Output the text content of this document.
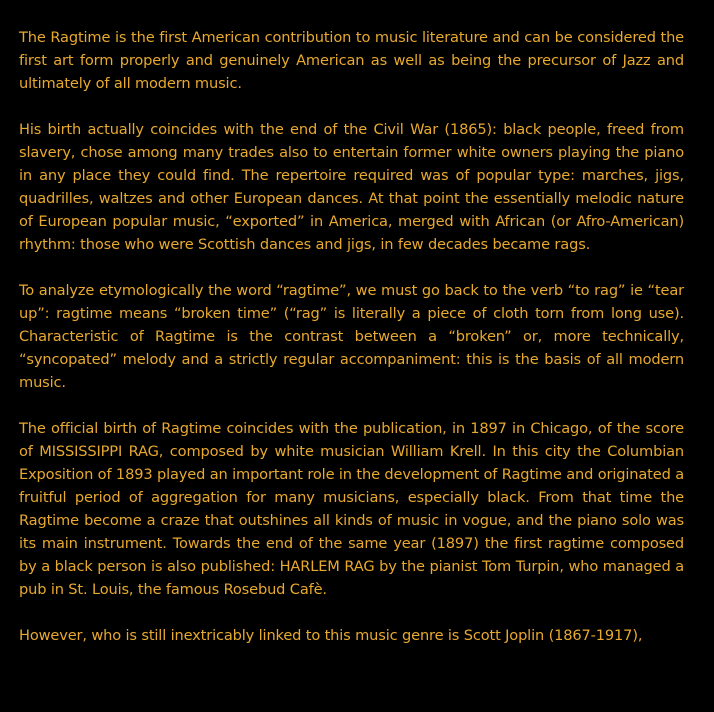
The Ragtime is the first American contribution to music literature and can be considered the first art form properly and genuinely American as well as being the precursor of Jazz and ultimately of all modern music.

His birth actually coincides with the end of the Civil War (1865): black people, freed from slavery, chose among many trades also to entertain former white owners playing the piano in any place they could find. The repertoire required was of popular type: marches, jigs, quadrilles, waltzes and other European dances. At that point the essentially melodic nature of European popular music, “exported” in America, merged with African (or Afro-American) rhythm: those who were Scottish dances and jigs, in few decades became rags.

To analyze etymologically the word “ragtime”, we must go back to the verb “to rag” ie “tear up”: ragtime means “broken time” (“rag” is literally a piece of cloth torn from long use). Characteristic of Ragtime is the contrast between a “broken” or, more technically, “syncopated” melody and a strictly regular accompaniment: this is the basis of all modern music.

The official birth of Ragtime coincides with the publication, in 1897 in Chicago, of the score of MISSISSIPPI RAG, composed by white musician William Krell. In this city the Columbian Exposition of 1893 played an important role in the development of Ragtime and originated a fruitful period of aggregation for many musicians, especially black. From that time the Ragtime become a craze that outshines all kinds of music in vogue, and the piano solo was its main instrument. Towards the end of the same year (1897) the first ragtime composed by a black person is also published: HARLEM RAG by the pianist Tom Turpin, who managed a pub in St. Louis, the famous Rosebud Cafè.

However, who is still inextricably linked to this music genre is Scott Joplin (1867-1917),
